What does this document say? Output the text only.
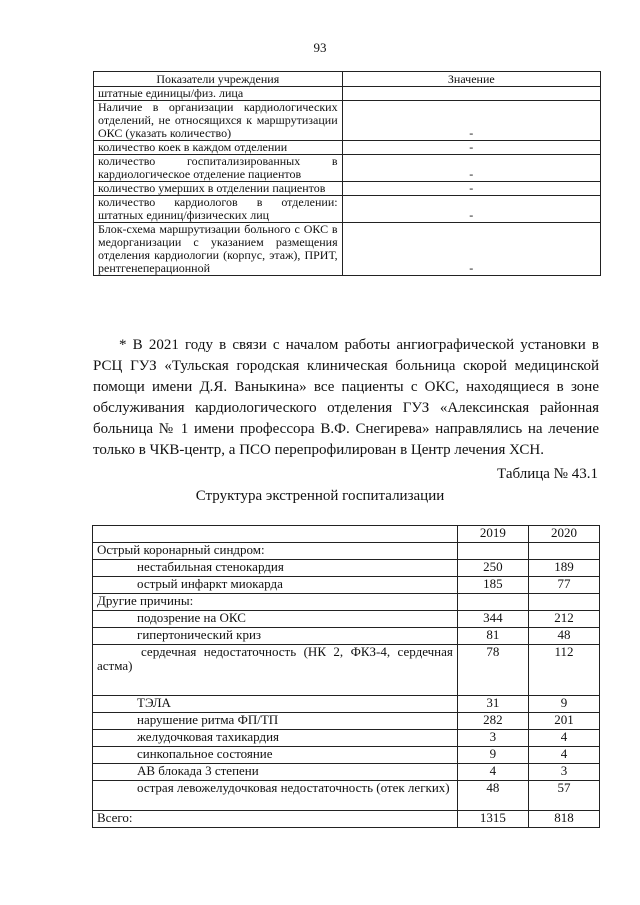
93
Показатели учреждения	Значение
штатные единицы/физ. лица	
Наличие в организации кардиологических отделений, не относящихся к маршрутизации ОКС (указать количество)	-
количество коек в каждом отделении	-
количество госпитализированных в кардиологическое отделение пациентов	-
количество умерших в отделении пациентов	-
количество кардиологов в отделении: штатных единиц/физических лиц	-
Блок-схема маршрутизации больного с ОКС в медорганизации с указанием размещения отделения кардиологии (корпус, этаж), ПРИТ, рентгенеперационной	-

* В 2021 году в связи с началом работы ангиографической установки в РСЦ ГУЗ «Тульская городская клиническая больница скорой медицинской помощи имени Д.Я. Ваныкина» все пациенты с ОКС, находящиеся в зоне обслуживания кардиологического отделения ГУЗ «Алексинская районная больница № 1 имени профессора В.Ф. Снегирева» направлялись на лечение только в ЧКВ-центр, а ПСО перепрофилирован в Центр лечения ХСН.

Таблица № 43.1

Структура экстренной госпитализации

	2019	2020
Острый коронарный синдром:		
нестабильная стенокардия	250	189
острый инфаркт миокарда	185	77
Другие причины:		
подозрение на ОКС	344	212
гипертонический криз	81	48
сердечная недостаточность (НК 2, ФКЗ-4, сердечная астма)	78	112
ТЭЛА	31	9
нарушение ритма ФП/ТП	282	201
желудочковая тахикардия	3	4
синкопальное состояние	9	4
АВ блокада 3 степени	4	3
острая левожелудочковая недостаточность (отек легких)	48	57
Всего:	1315	818
